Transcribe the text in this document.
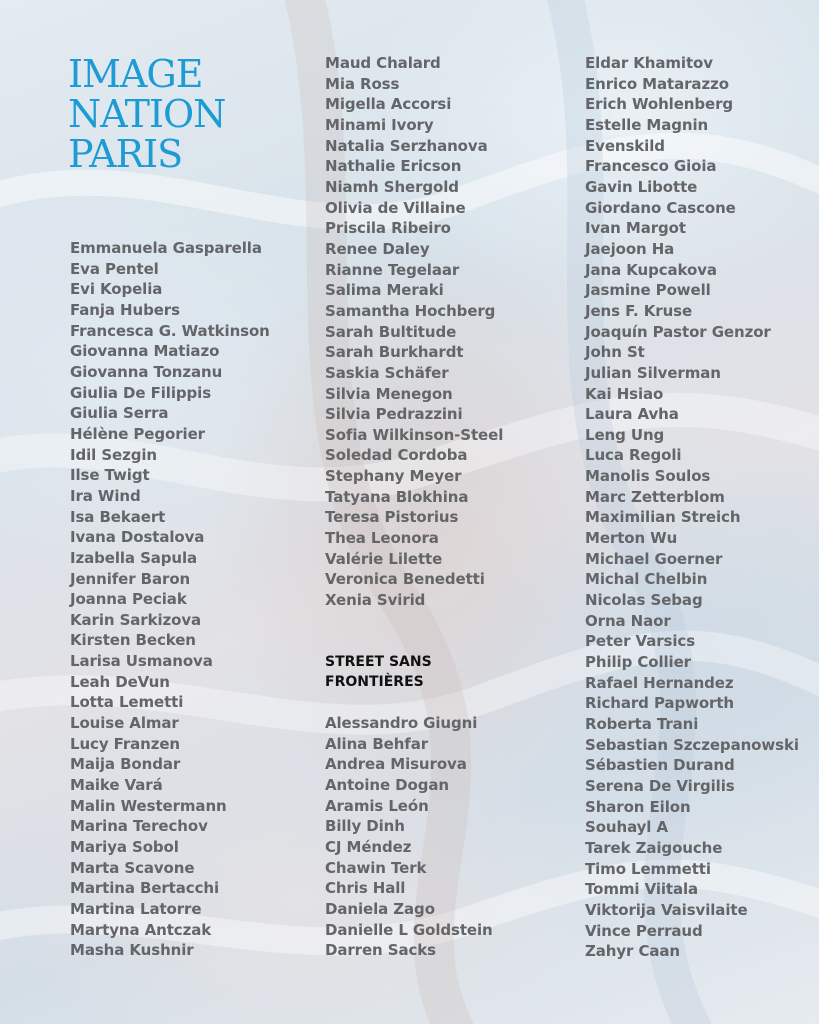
IMAGE
NATION
PARIS
Emmanuela Gasparella
Eva Pentel
Evi Kopelia
Fanja Hubers
Francesca G. Watkinson
Giovanna Matiazo
Giovanna Tonzanu
Giulia De Filippis
Giulia Serra
Hélène Pegorier
Idil Sezgin
Ilse Twigt
Ira Wind
Isa Bekaert
Ivana Dostalova
Izabella Sapula
Jennifer Baron
Joanna Peciak
Karin Sarkizova
Kirsten Becken
Larisa Usmanova
Leah DeVun
Lotta Lemetti
Louise Almar
Lucy Franzen
Maija Bondar
Maike Vará
Malin Westermann
Marina Terechov
Mariya Sobol
Marta Scavone
Martina Bertacchi
Martina Latorre
Martyna Antczak
Masha Kushnir
Maud Chalard
Mia Ross
Migella Accorsi
Minami Ivory
Natalia Serzhanova
Nathalie Ericson
Niamh Shergold
Olivia de Villaine
Priscila Ribeiro
Renee Daley
Rianne Tegelaar
Salima Meraki
Samantha Hochberg
Sarah Bultitude
Sarah Burkhardt
Saskia Schäfer
Silvia Menegon
Silvia Pedrazzini
Sofia Wilkinson-Steel
Soledad Cordoba
Stephany Meyer
Tatyana Blokhina
Teresa Pistorius
Thea Leonora
Valérie Lilette
Veronica Benedetti
Xenia Svirid
STREET SANS
FRONTIÈRES
Alessandro Giugni
Alina Behfar
Andrea Misurova
Antoine Dogan
Aramis León
Billy Dinh
CJ Méndez
Chawin Terk
Chris Hall
Daniela Zago
Danielle L Goldstein
Darren Sacks
Eldar Khamitov
Enrico Matarazzo
Erich Wohlenberg
Estelle Magnin
Evenskild
Francesco Gioia
Gavin Libotte
Giordano Cascone
Ivan Margot
Jaejoon Ha
Jana Kupcakova
Jasmine Powell
Jens F. Kruse
Joaquín Pastor Genzor
John St
Julian Silverman
Kai Hsiao
Laura Avha
Leng Ung
Luca Regoli
Manolis Soulos
Marc Zetterblom
Maximilian Streich
Merton Wu
Michael Goerner
Michal Chelbin
Nicolas Sebag
Orna Naor
Peter Varsics
Philip Collier
Rafael Hernandez
Richard Papworth
Roberta Trani
Sebastian Szczepanowski
Sébastien Durand
Serena De Virgilis
Sharon Eilon
Souhayl A
Tarek Zaigouche
Timo Lemmetti
Tommi Viitala
Viktorija Vaisvilaite
Vince Perraud
Zahyr Caan
